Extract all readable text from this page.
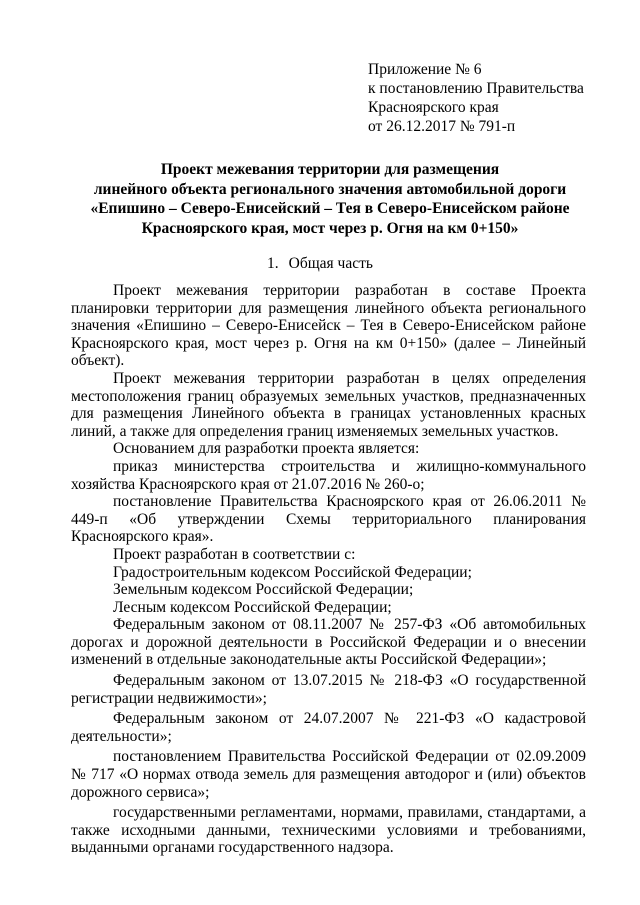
Приложение № 6
к постановлению Правительства
Красноярского края
от 26.12.2017 № 791-п
Проект межевания территории для размещения
линейного объекта регионального значения автомобильной дороги
«Епишино – Северо-Енисейский – Тея в Северо-Енисейском районе
Красноярского края, мост через р. Огня на км 0+150»
1. Общая часть

Проект межевания территории разработан в составе Проекта планировки территории для размещения линейного объекта регионального значения «Епишино – Северо-Енисейск – Тея в Северо-Енисейском районе Красноярского края, мост через р. Огня на км 0+150» (далее – Линейный объект).

Проект межевания территории разработан в целях определения местоположения границ образуемых земельных участков, предназначенных для размещения Линейного объекта в границах установленных красных линий, а также для определения границ изменяемых земельных участков.

Основанием для разработки проекта является:

приказ министерства строительства и жилищно-коммунального хозяйства Красноярского края от 21.07.2016 № 260-о;

постановление Правительства Красноярского края от 26.06.2011 № 449-п «Об утверждении Схемы территориального планирования Красноярского края».

Проект разработан в соответствии с:

Градостроительным кодексом Российской Федерации;

Земельным кодексом Российской Федерации;

Лесным кодексом Российской Федерации;

Федеральным законом от 08.11.2007 № 257-ФЗ «Об автомобильных дорогах и дорожной деятельности в Российской Федерации и о внесении изменений в отдельные законодательные акты Российской Федерации»;

Федеральным законом от 13.07.2015 № 218-ФЗ «О государственной регистрации недвижимости»;

Федеральным законом от 24.07.2007 № 221-ФЗ «О кадастровой деятельности»;

постановлением Правительства Российской Федерации от 02.09.2009 № 717 «О нормах отвода земель для размещения автодорог и (или) объектов дорожного сервиса»;

государственными регламентами, нормами, правилами, стандартами, а также исходными данными, техническими условиями и требованиями, выданными органами государственного надзора.
